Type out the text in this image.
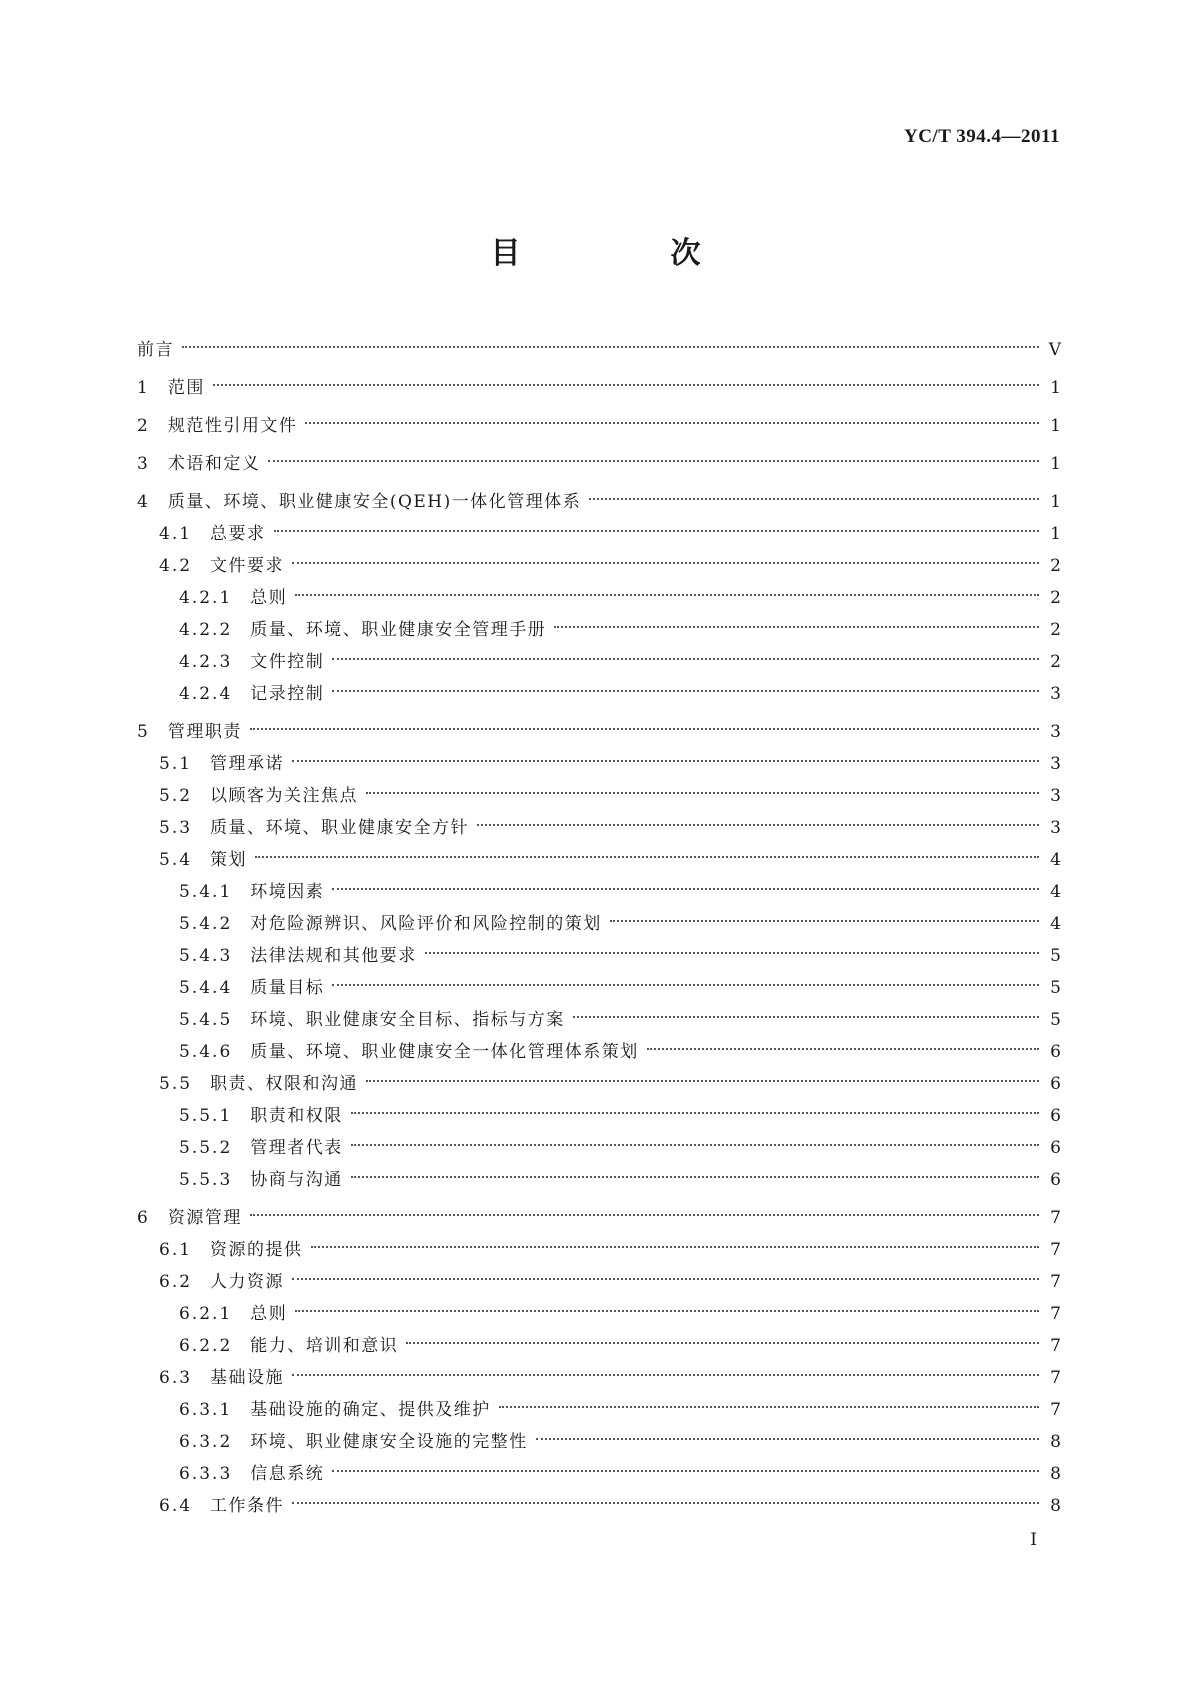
YC/T 394.4—2011
目　次
前言	V
1 范围	1
2 规范性引用文件	1
3 术语和定义	1
4 质量、环境、职业健康安全(QEH)一体化管理体系	1
4.1 总要求	1
4.2 文件要求	2
4.2.1 总则	2
4.2.2 质量、环境、职业健康安全管理手册	2
4.2.3 文件控制	2
4.2.4 记录控制	3
5 管理职责	3
5.1 管理承诺	3
5.2 以顾客为关注焦点	3
5.3 质量、环境、职业健康安全方针	3
5.4 策划	4
5.4.1 环境因素	4
5.4.2 对危险源辨识、风险评价和风险控制的策划	4
5.4.3 法律法规和其他要求	5
5.4.4 质量目标	5
5.4.5 环境、职业健康安全目标、指标与方案	5
5.4.6 质量、环境、职业健康安全一体化管理体系策划	6
5.5 职责、权限和沟通	6
5.5.1 职责和权限	6
5.5.2 管理者代表	6
5.5.3 协商与沟通	6
6 资源管理	7
6.1 资源的提供	7
6.2 人力资源	7
6.2.1 总则	7
6.2.2 能力、培训和意识	7
6.3 基础设施	7
6.3.1 基础设施的确定、提供及维护	7
6.3.2 环境、职业健康安全设施的完整性	8
6.3.3 信息系统	8
6.4 工作条件	8
I
